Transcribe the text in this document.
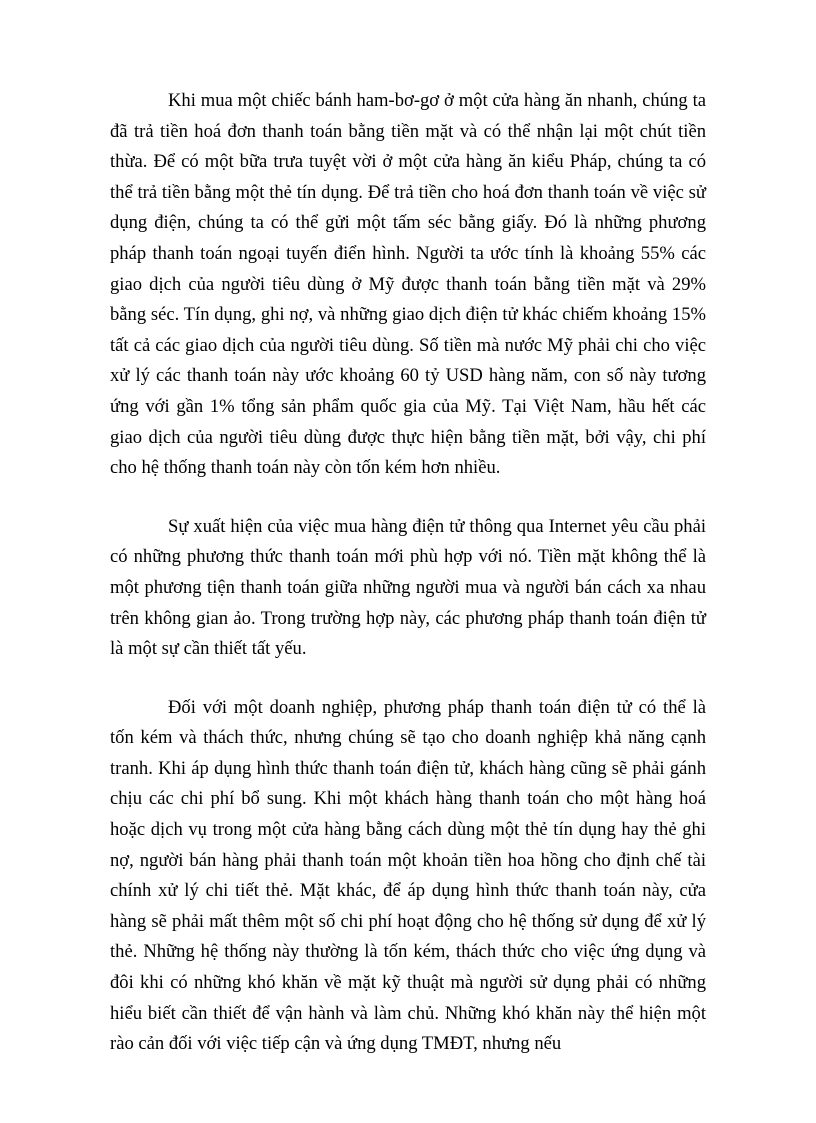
Khi mua một chiếc bánh ham-bơ-gơ ở một cửa hàng ăn nhanh, chúng ta đã trả tiền hoá đơn thanh toán bằng tiền mặt và có thể nhận lại một chút tiền thừa. Để có một bữa trưa tuyệt vời ở một cửa hàng ăn kiểu Pháp, chúng ta có thể trả tiền bằng một thẻ tín dụng. Để trả tiền cho hoá đơn thanh toán về việc sử dụng điện, chúng ta có thể gửi một tấm séc bằng giấy. Đó là những phương pháp thanh toán ngoại tuyến điển hình. Người ta ước tính là khoảng 55% các giao dịch của người tiêu dùng ở Mỹ được thanh toán bằng tiền mặt và 29% bằng séc. Tín dụng, ghi nợ, và những giao dịch điện tử khác chiếm khoảng 15% tất cả các giao dịch của người tiêu dùng. Số tiền mà nước Mỹ phải chi cho việc xử lý các thanh toán này ước khoảng 60 tỷ USD hàng năm, con số này tương ứng với gần 1% tổng sản phẩm quốc gia của Mỹ. Tại Việt Nam, hầu hết các giao dịch của người tiêu dùng được thực hiện bằng tiền mặt, bởi vậy, chi phí cho hệ thống thanh toán này còn tốn kém hơn nhiều.

Sự xuất hiện của việc mua hàng điện tử thông qua Internet yêu cầu phải có những phương thức thanh toán mới phù hợp với nó. Tiền mặt không thể là một phương tiện thanh toán giữa những người mua và người bán cách xa nhau trên không gian ảo. Trong trường hợp này, các phương pháp thanh toán điện tử là một sự cần thiết tất yếu.

Đối với một doanh nghiệp, phương pháp thanh toán điện tử có thể là tốn kém và thách thức, nhưng chúng sẽ tạo cho doanh nghiệp khả năng cạnh tranh. Khi áp dụng hình thức thanh toán điện tử, khách hàng cũng sẽ phải gánh chịu các chi phí bổ sung. Khi một khách hàng thanh toán cho một hàng hoá hoặc dịch vụ trong một cửa hàng bằng cách dùng một thẻ tín dụng hay thẻ ghi nợ, người bán hàng phải thanh toán một khoản tiền hoa hồng cho định chế tài chính xử lý chi tiết thẻ. Mặt khác, để áp dụng hình thức thanh toán này, cửa hàng sẽ phải mất thêm một số chi phí hoạt động cho hệ thống sử dụng để xử lý thẻ. Những hệ thống này thường là tốn kém, thách thức cho việc ứng dụng và đôi khi có những khó khăn về mặt kỹ thuật mà người sử dụng phải có những hiểu biết cần thiết để vận hành và làm chủ. Những khó khăn này thể hiện một rào cản đối với việc tiếp cận và ứng dụng TMĐT, nhưng nếu
